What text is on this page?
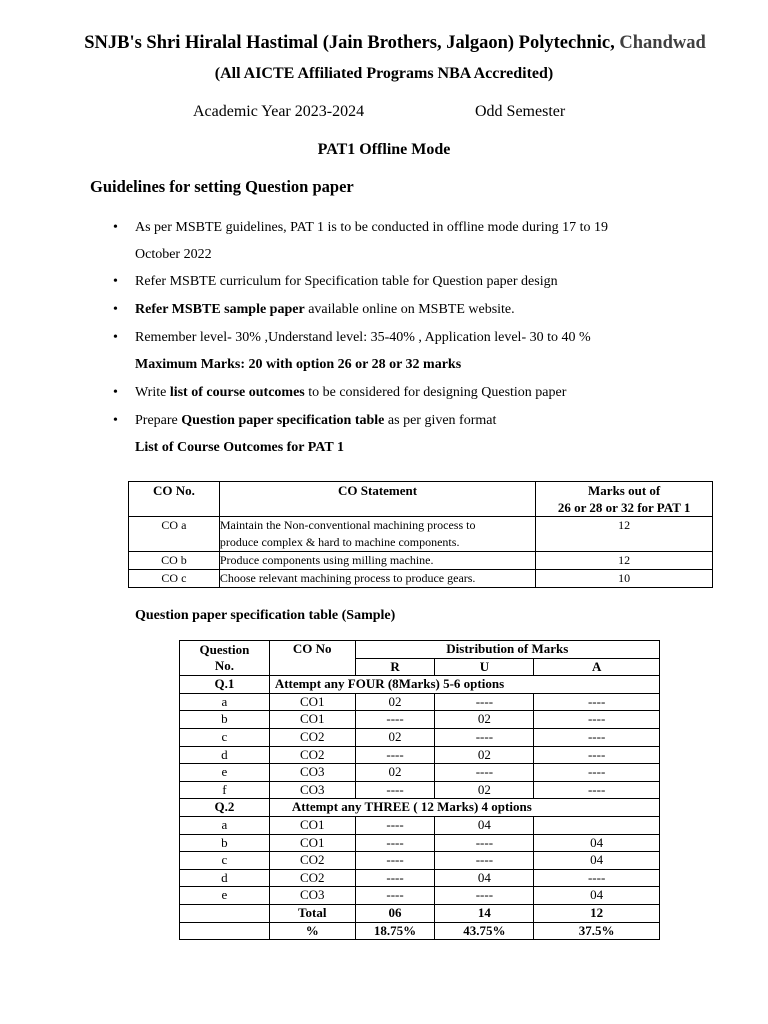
SNJB's Shri Hiralal Hastimal (Jain Brothers, Jalgaon) Polytechnic, Chandwad
(All AICTE Affiliated Programs NBA Accredited)
Academic Year 2023-2024	Odd Semester
PAT1 Offline Mode
Guidelines for setting Question paper
• As per MSBTE guidelines, PAT 1 is to be conducted in offline mode during 17 to 19
October 2022
• Refer MSBTE curriculum for Specification table for Question paper design
• Refer MSBTE sample paper available online on MSBTE website.
• Remember level- 30% ,Understand level: 35-40% , Application level- 30 to 40 %
Maximum Marks: 20 with option 26 or 28 or 32 marks
• Write list of course outcomes to be considered for designing Question paper
• Prepare Question paper specification table as per given format
List of Course Outcomes for PAT 1
CO No.	CO Statement	Marks out of
26 or 28 or 32 for PAT 1

CO a	Maintain the Non-conventional machining process to
produce complex & hard to machine components.	12
CO b	Produce components using milling machine.	12
CO c	Choose relevant machining process to produce gears.	10
Question paper specification table (Sample)
Question
No.	CO No	Distribution of Marks		
		R	U	A
Q.1	Attempt any FOUR (8Marks) 5-6 options			
a	CO1	02	----	----
b	CO1	----	02	----
c	CO2	02	----	----
d	CO2	----	02	----
e	CO3	02	----	----
f	CO3	----	02	----
Q.2	Attempt any THREE ( 12 Marks) 4 options			
a	CO1	----	04	
b	CO1	----	----	04
c	CO2	----	----	04
d	CO2	----	04	----
e	CO3	----	----	04
	Total	06	14	12
	%	18.75%	43.75%	37.5%
